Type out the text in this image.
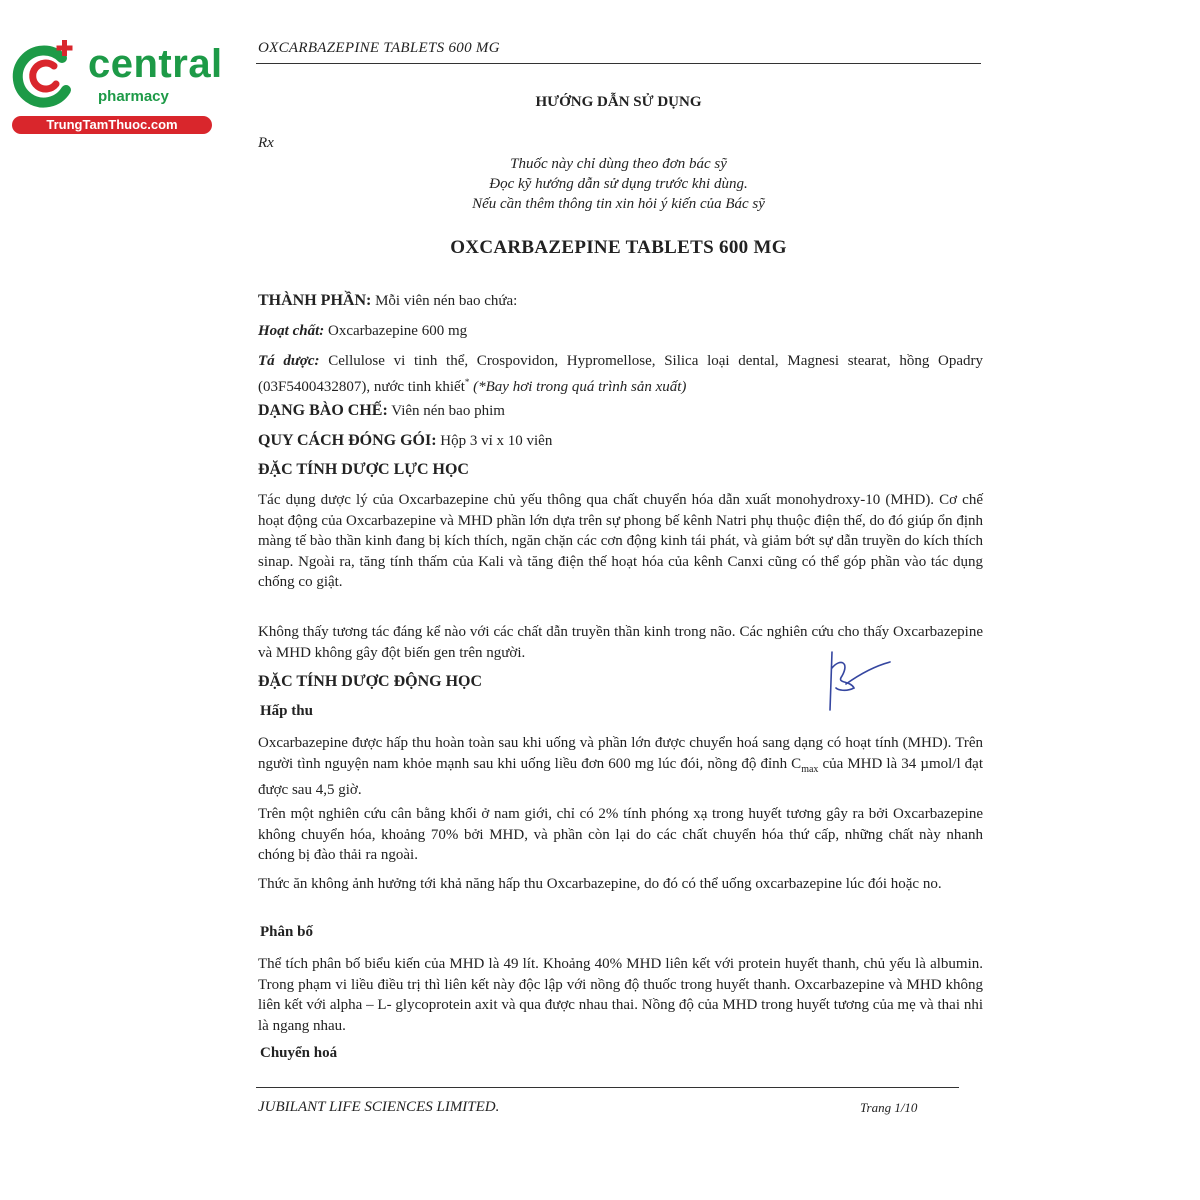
central
pharmacy
TrungTamThuoc.com
OXCARBAZEPINE TABLETS 600 MG
HƯỚNG DẪN SỬ DỤNG
Rx
Thuốc này chỉ dùng theo đơn bác sỹ
Đọc kỹ hướng dẫn sử dụng trước khi dùng.
Nếu cần thêm thông tin xin hỏi ý kiến của Bác sỹ
OXCARBAZEPINE TABLETS 600 MG
THÀNH PHẦN: Mỗi viên nén bao chứa:
Hoạt chất: Oxcarbazepine 600 mg
Tá dược: Cellulose vi tinh thể, Crospovidon, Hypromellose, Silica loại dental, Magnesi stearat, hồng Opadry (03F5400432807), nước tinh khiết* (*Bay hơi trong quá trình sản xuất)
DẠNG BÀO CHẾ: Viên nén bao phim
QUY CÁCH ĐÓNG GÓI: Hộp 3 vỉ x 10 viên
ĐẶC TÍNH DƯỢC LỰC HỌC
Tác dụng dược lý của Oxcarbazepine chủ yếu thông qua chất chuyển hóa dẫn xuất monohydroxy-10 (MHD). Cơ chế hoạt động của Oxcarbazepine và MHD phần lớn dựa trên sự phong bế kênh Natri phụ thuộc điện thế, do đó giúp ổn định màng tế bào thần kinh đang bị kích thích, ngăn chặn các cơn động kinh tái phát, và giảm bớt sự dẫn truyền do kích thích sinap. Ngoài ra, tăng tính thấm của Kali và tăng điện thế hoạt hóa của kênh Canxi cũng có thể góp phần vào tác dụng chống co giật.
Không thấy tương tác đáng kể nào với các chất dẫn truyền thần kinh trong não. Các nghiên cứu cho thấy Oxcarbazepine và MHD không gây đột biến gen trên người.
ĐẶC TÍNH DƯỢC ĐỘNG HỌC
Hấp thu
Oxcarbazepine được hấp thu hoàn toàn sau khi uống và phần lớn được chuyển hoá sang dạng có hoạt tính (MHD). Trên người tình nguyện nam khỏe mạnh sau khi uống liều đơn 600 mg lúc đói, nồng độ đỉnh $C_{max}$ của MHD là 34 µmol/l đạt được sau 4,5 giờ.
Trên một nghiên cứu cân bằng khối ở nam giới, chỉ có 2% tính phóng xạ trong huyết tương gây ra bởi Oxcarbazepine không chuyển hóa, khoảng 70% bởi MHD, và phần còn lại do các chất chuyển hóa thứ cấp, những chất này nhanh chóng bị đào thải ra ngoài.
Thức ăn không ảnh hưởng tới khả năng hấp thu Oxcarbazepine, do đó có thể uống oxcarbazepine lúc đói hoặc no.
Phân bố
Thể tích phân bố biểu kiến của MHD là 49 lít. Khoảng 40% MHD liên kết với protein huyết thanh, chủ yếu là albumin. Trong phạm vi liều điều trị thì liên kết này độc lập với nồng độ thuốc trong huyết thanh. Oxcarbazepine và MHD không liên kết với alpha – L- glycoprotein axit và qua được nhau thai. Nồng độ của MHD trong huyết tương của mẹ và thai nhi là ngang nhau.
Chuyển hoá
JUBILANT LIFE SCIENCES LIMITED.	Trang 1/10
